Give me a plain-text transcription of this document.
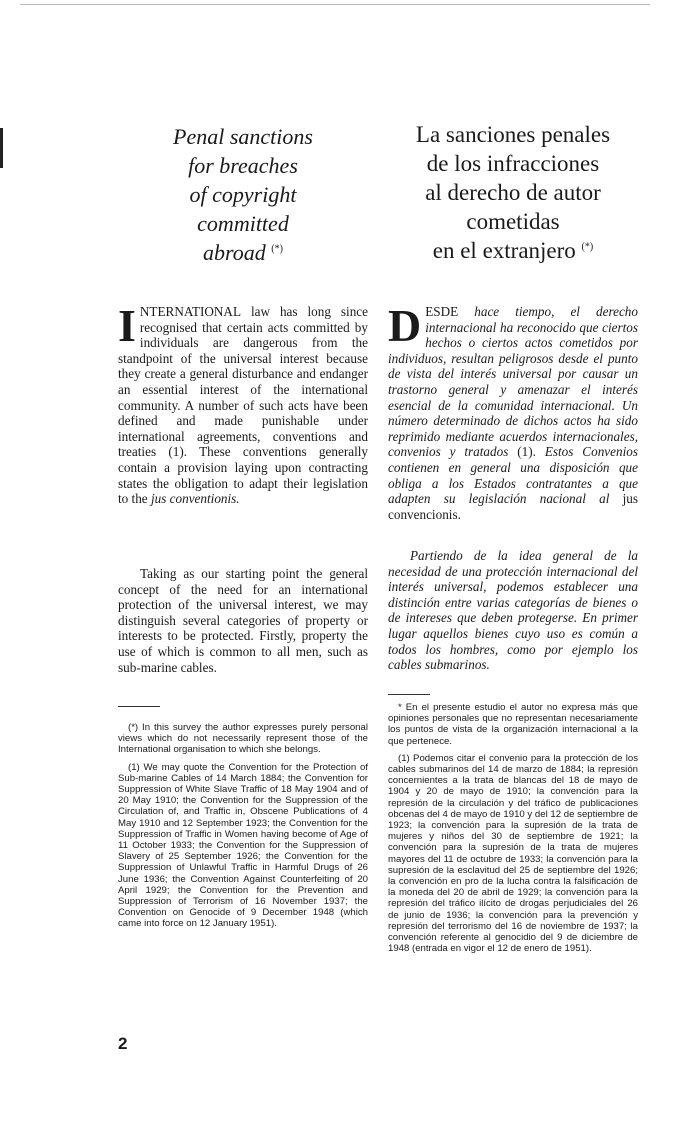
Penal sanctions
for breaches
of copyright
committed
abroad (*)
La sanciones penales
de los infracciones
al derecho de autor
cometidas
en el extranjero (*)

INTERNATIONAL law has long since recognised that certain acts committed by individuals are dangerous from the standpoint of the universal interest because they create a general disturbance and endanger an essential interest of the international community. A number of such acts have been defined and made punishable under international agreements, conventions and treaties (1). These conventions generally contain a provision laying upon contracting states the obligation to adapt their legislation to the jus conventionis.

DESDE hace tiempo, el derecho internacional ha reconocido que ciertos hechos o ciertos actos cometidos por individuos, resultan peligrosos desde el punto de vista del interés universal por causar un trastorno general y amenazar el interés esencial de la comunidad internacional. Un número determinado de dichos actos ha sido reprimido mediante acuerdos internacionales, convenios y tratados (1). Estos Convenios contienen en general una disposición que obliga a los Estados contratantes a que adapten su legislación nacional al jus convencionis.

Taking as our starting point the general concept of the need for an international protection of the universal interest, we may distinguish several categories of property or interests to be protected. Firstly, property the use of which is common to all men, such as sub-marine cables.

Partiendo de la idea general de la necesidad de una protección internacional del interés universal, podemos establecer una distinción entre varias categorías de bienes o de intereses que deben protegerse. En primer lugar aquellos bienes cuyo uso es común a todos los hombres, como por ejemplo los cables submarinos.

(*) In this survey the author expresses purely personal views which do not necessarily represent those of the International organisation to which she belongs.

(1) We may quote the Convention for the Protection of Sub-marine Cables of 14 March 1884; the Convention for Suppression of White Slave Traffic of 18 May 1904 and of 20 May 1910; the Convention for the Suppression of the Circulation of, and Traffic in, Obscene Publications of 4 May 1910 and 12 September 1923; the Convention for the Suppression of Traffic in Women having become of Age of 11 October 1933; the Convention for the Suppression of Slavery of 25 September 1926; the Convention for the Suppression of Unlawful Traffic in Harmful Drugs of 26 June 1936; the Convention Against Counterfeiting of 20 April 1929; the Convention for the Prevention and Suppression of Terrorism of 16 November 1937; the Convention on Genocide of 9 December 1948 (which came into force on 12 January 1951).

* En el presente estudio el autor no expresa más que opiniones personales que no representan necesariamente los puntos de vista de la organización internacional a la que pertenece.

(1) Podemos citar el convenio para la protección de los cables submarinos del 14 de marzo de 1884; la represión concernientes a la trata de blancas del 18 de mayo de 1904 y 20 de mayo de 1910; la convención para la represión de la circulación y del tráfico de publicaciones obcenas del 4 de mayo de 1910 y del 12 de septiembre de 1923; la convención para la supresión de la trata de mujeres y niños del 30 de septiembre de 1921; la convención para la supresión de la trata de mujeres mayores del 11 de octubre de 1933; la convención para la supresión de la esclavitud del 25 de septiembre del 1926; la convención en pro de la lucha contra la falsificación de la moneda del 20 de abril de 1929; la convención para la represión del tráfico ilícito de drogas perjudiciales del 26 de junio de 1936; la convención para la prevención y represión del terrorismo del 16 de noviembre de 1937; la convención referente al genocidio del 9 de diciembre de 1948 (entrada en vigor el 12 de enero de 1951).

2
